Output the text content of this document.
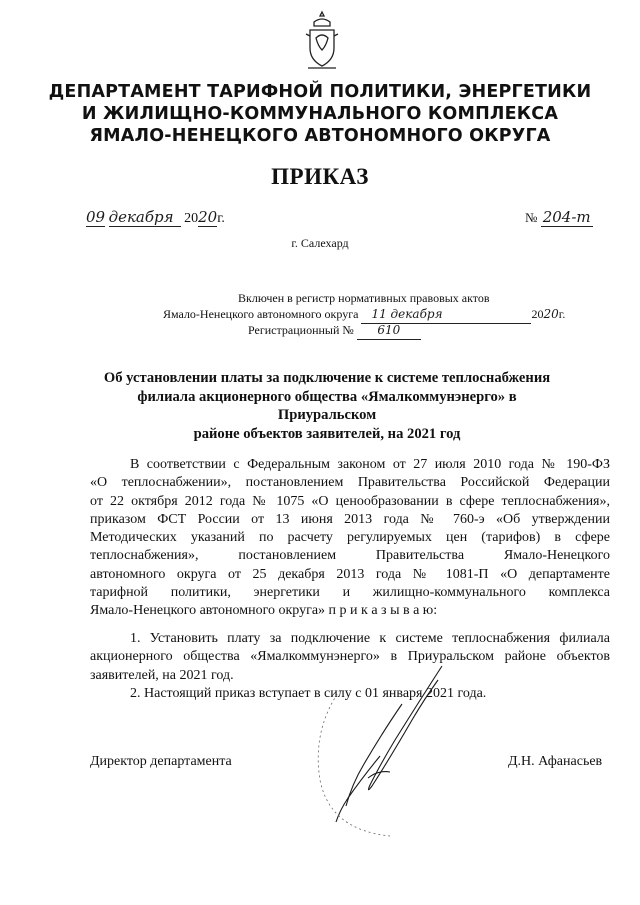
ДЕПАРТАМЕНТ ТАРИФНОЙ ПОЛИТИКИ, ЭНЕРГЕТИКИ
И ЖИЛИЩНО-КОММУНАЛЬНОГО КОМПЛЕКСА
ЯМАЛО-НЕНЕЦКОГО АВТОНОМНОГО ОКРУГА
ПРИКАЗ
09 декабря 2020г.	№ 204-т
г. Салехард
Включен в регистр нормативных правовых актов
Ямало-Ненецкого автономного округа 11 декабря	2020г.
Регистрационный № 610
Об установлении платы за подключение к системе теплоснабжения
филиала акционерного общества «Ямалкоммунэнерго» в Приуральском
районе объектов заявителей, на 2021 год
В соответствии с Федеральным законом от 27 июля 2010 года № 190-ФЗ
«О теплоснабжении», постановлением Правительства Российской Федерации
от 22 октября 2012 года № 1075 «О ценообразовании в сфере теплоснабжения»,
приказом ФСТ России от 13 июня 2013 года № 760-э «Об утверждении
Методических указаний по расчету регулируемых цен (тарифов) в сфере
теплоснабжения», постановлением Правительства Ямало-Ненецкого
автономного округа от 25 декабря 2013 года № 1081-П «О департаменте
тарифной политики, энергетики и жилищно-коммунального комплекса
Ямало-Ненецкого автономного округа» п р и к а з ы в а ю:
1. Установить плату за подключение к системе теплоснабжения филиала
акционерного общества «Ямалкоммунэнерго» в Приуральском районе объектов
заявителей, на 2021 год.
2. Настоящий приказ вступает в силу с 01 января 2021 года.
Директор департамента	Д.Н. Афанасьев
